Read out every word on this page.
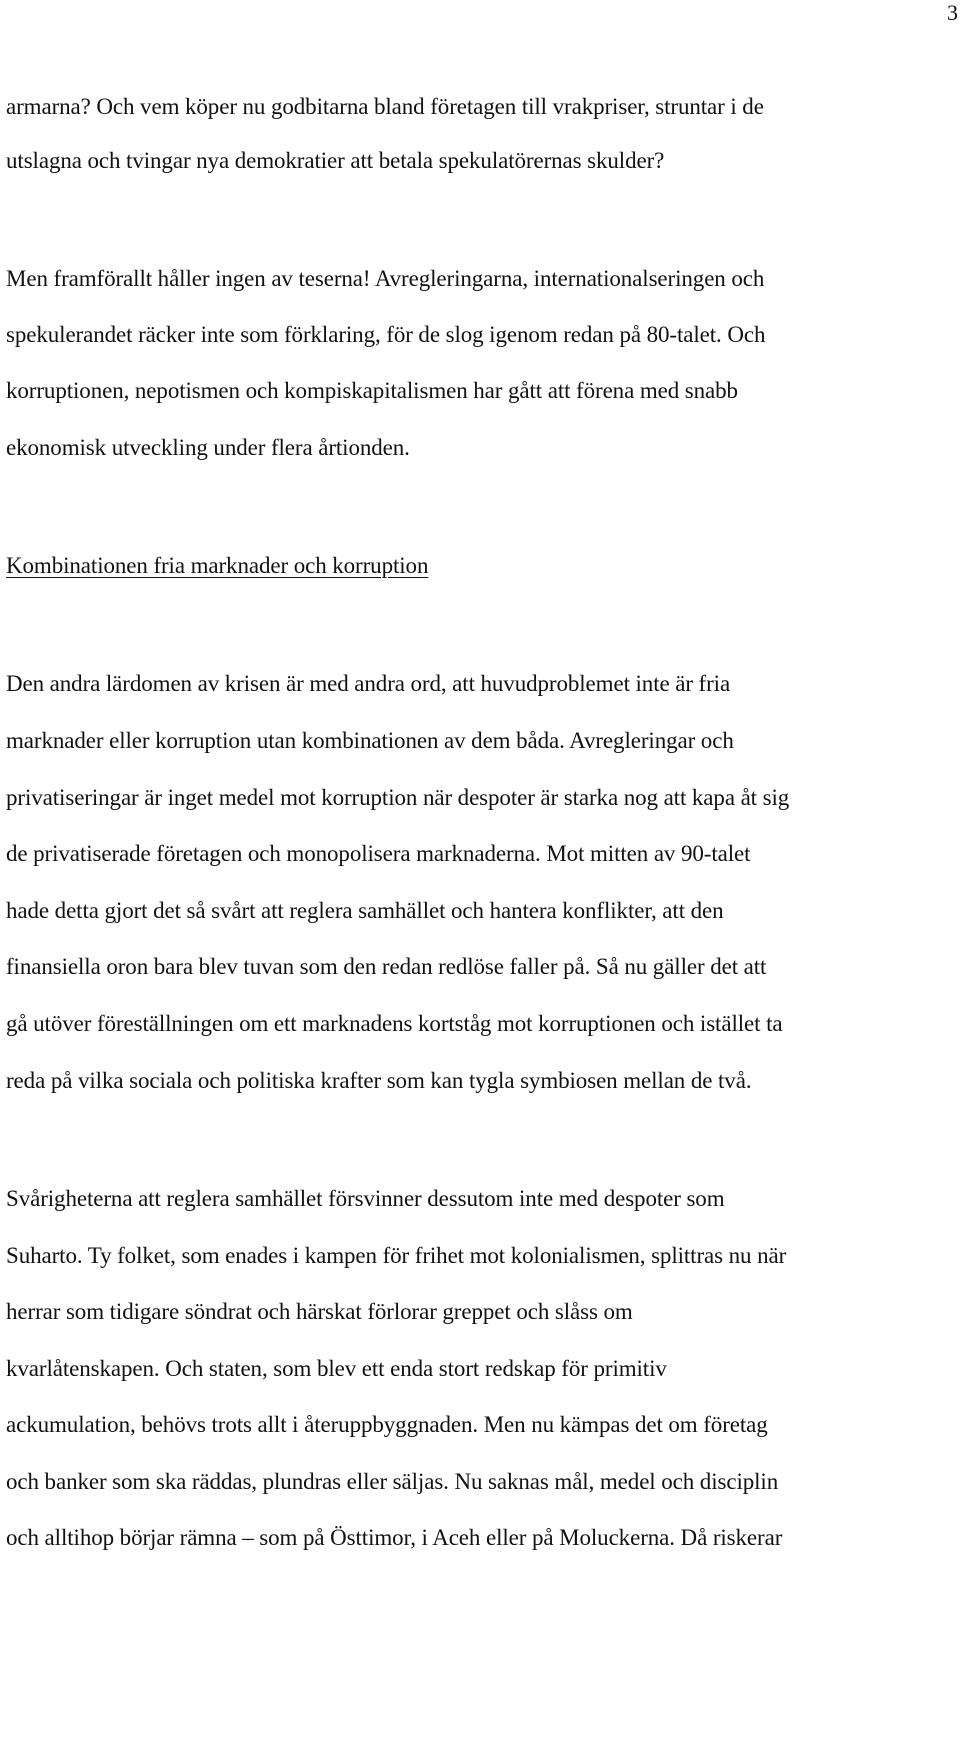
3
armarna? Och vem köper nu godbitarna bland företagen till vrakpriser, struntar i de
utslagna och tvingar nya demokratier att betala spekulatörernas skulder?
Men framförallt håller ingen av teserna! Avregleringarna, internationalseringen och
spekulerandet räcker inte som förklaring, för de slog igenom redan på 80-talet. Och
korruptionen, nepotismen och kompiskapitalismen har gått att förena med snabb
ekonomisk utveckling under flera årtionden.
Kombinationen fria marknader och korruption
Den andra lärdomen av krisen är med andra ord, att huvudproblemet inte är fria
marknader eller korruption utan kombinationen av dem båda. Avregleringar och
privatiseringar är inget medel mot korruption när despoter är starka nog att kapa åt sig
de privatiserade företagen och monopolisera marknaderna. Mot mitten av 90-talet
hade detta gjort det så svårt att reglera samhället och hantera konflikter, att den
finansiella oron bara blev tuvan som den redan redlöse faller på. Så nu gäller det att
gå utöver föreställningen om ett marknadens kortståg mot korruptionen och istället ta
reda på vilka sociala och politiska krafter som kan tygla symbiosen mellan de två.
Svårigheterna att reglera samhället försvinner dessutom inte med despoter som
Suharto. Ty folket, som enades i kampen för frihet mot kolonialismen, splittras nu när
herrar som tidigare söndrat och härskat förlorar greppet och slåss om
kvarlåtenskapen. Och staten, som blev ett enda stort redskap för primitiv
ackumulation, behövs trots allt i återuppbyggnaden. Men nu kämpas det om företag
och banker som ska räddas, plundras eller säljas. Nu saknas mål, medel och disciplin
och alltihop börjar rämna – som på Östtimor, i Aceh eller på Moluckerna. Då riskerar
